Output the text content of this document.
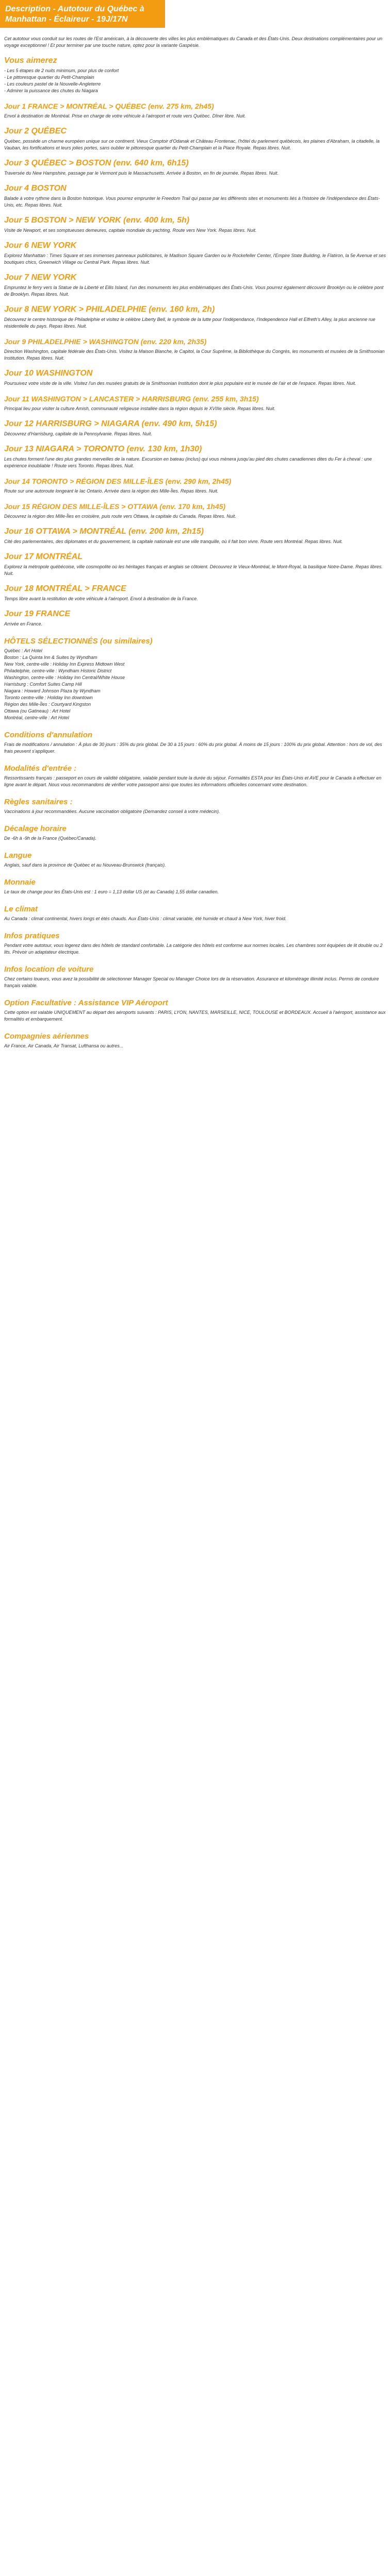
Description - Autotour du Québec à Manhattan - Éclaireur - 19J/17N

Cet autotour vous conduit sur les routes de l'Est américain, à la découverte des villes les plus emblématiques du Canada et des États-Unis. Deux destinations complémentaires pour un voyage exceptionnel ! Et pour terminer par une touche nature, optez pour la variante Gaspésie.

Vous aimerez
- Les 5 étapes de 2 nuits minimum, pour plus de confort
- Le pittoresque quartier du Petit-Champlain
- Les couleurs pastel de la Nouvelle-Angleterre
- Admirer la puissance des chutes du Niagara
Jour 1 FRANCE > MONTRÉAL > QUÉBEC (env. 275 km, 2h45)

Envol à destination de Montréal. Prise en charge de votre véhicule à l'aéroport et route vers Québec. Dîner libre. Nuit.

Jour 2 QUÉBEC

Québec, possède un charme européen unique sur ce continent. Vieux Comptoir d'Odanak et Château Frontenac, l'hôtel du parlement québécois, les plaines d'Abraham, la citadelle, la Vauban, les fortifications et leurs jolies portes, sans oublier le pittoresque quartier du Petit-Champlain et la Place Royale. Repas libres. Nuit.

Jour 3 QUÉBEC > BOSTON (env. 640 km, 6h15)

Traversée du New Hampshire, passage par le Vermont puis le Massachusetts. Arrivée à Boston, en fin de journée. Repas libres. Nuit.

Jour 4 BOSTON

Balade à votre rythme dans la Boston historique. Vous pourrez emprunter le Freedom Trail qui passe par les différents sites et monuments liés à l'histoire de l'indépendance des États-Unis, etc. Repas libres. Nuit.

Jour 5 BOSTON > NEW YORK (env. 400 km, 5h)

Visite de Newport, et ses somptueuses demeures, capitale mondiale du yachting. Route vers New York. Repas libres. Nuit.

Jour 6 NEW YORK

Explorez Manhattan : Times Square et ses immenses panneaux publicitaires, le Madison Square Garden ou le Rockefeller Center, l'Empire State Building, le Flatiron, la 5e Avenue et ses boutiques chics, Greenwich Village ou Central Park. Repas libres. Nuit.

Jour 7 NEW YORK

Empruntez le ferry vers la Statue de la Liberté et Ellis Island, l'un des monuments les plus emblématiques des États-Unis. Vous pourrez également découvrir Brooklyn ou le célèbre pont de Brooklyn. Repas libres. Nuit.

Jour 8 NEW YORK > PHILADELPHIE (env. 160 km, 2h)

Découvrez le centre historique de Philadelphie et visitez le célèbre Liberty Bell, le symbole de la lutte pour l'indépendance, l'Independence Hall et Elfreth's Alley, la plus ancienne rue résidentielle du pays. Repas libres. Nuit.

Jour 9 PHILADELPHIE > WASHINGTON (env. 220 km, 2h35)

Direction Washington, capitale fédérale des États-Unis. Visitez la Maison Blanche, le Capitol, la Cour Suprême, la Bibliothèque du Congrès, les monuments et musées de la Smithsonian Institution. Repas libres. Nuit.

Jour 10 WASHINGTON

Poursuivez votre visite de la ville. Visitez l'un des musées gratuits de la Smithsonian Institution dont le plus populaire est le musée de l'air et de l'espace. Repas libres. Nuit.

Jour 11 WASHINGTON > LANCASTER > HARRISBURG (env. 255 km, 3h15)

Principal lieu pour visiter la culture Amish, communauté religieuse installée dans la région depuis le XVIIIe siècle. Repas libres. Nuit.

Jour 12 HARRISBURG > NIAGARA (env. 490 km, 5h15)

Découvrez d'Harrisburg, capitale de la Pennsylvanie. Repas libres. Nuit.

Jour 13 NIAGARA > TORONTO (env. 130 km, 1h30)

Les chutes forment l'une des plus grandes merveilles de la nature. Excursion en bateau (inclus) qui vous mènera jusqu'au pied des chutes canadiennes dites du Fer à cheval : une expérience inoubliable ! Route vers Toronto. Repas libres. Nuit.

Jour 14 TORONTO > RÉGION DES MILLE-ÎLES (env. 290 km, 2h45)

Route sur une autoroute longeant le lac Ontario. Arrivée dans la région des Mille-Îles. Repas libres. Nuit.

Jour 15 RÉGION DES MILLE-ÎLES > OTTAWA (env. 170 km, 1h45)

Découvrez la région des Mille-Îles en croisière, puis route vers Ottawa, la capitale du Canada. Repas libres. Nuit.

Jour 16 OTTAWA > MONTRÉAL (env. 200 km, 2h15)

Cité des parlementaires, des diplomates et du gouvernement, la capitale nationale est une ville tranquille, où il fait bon vivre. Route vers Montréal. Repas libres. Nuit.

Jour 17 MONTRÉAL

Explorez la métropole québécoise, ville cosmopolite où les héritages français et anglais se côtoient. Découvrez le Vieux-Montréal, le Mont-Royal, la basilique Notre-Dame. Repas libres. Nuit.

Jour 18 MONTRÉAL > FRANCE

Temps libre avant la restitution de votre véhicule à l'aéroport. Envol à destination de la France.

Jour 19 FRANCE

Arrivée en France.

HÔTELS SÉLECTIONNÉS (ou similaires)
Québec : Art Hotel
Boston : La Quinta Inn & Suites by Wyndham
New York, centre-ville : Holiday Inn Express Midtown West
Philadelphie, centre-ville : Wyndham Historic District
Washington, centre-ville : Holiday Inn Central/White House
Harrisburg : Comfort Suites Camp Hill
Niagara : Howard Johnson Plaza by Wyndham
Toronto centre-ville : Holiday Inn downtown
Région des Mille-Îles : Courtyard Kingston
Ottawa (ou Gatineau) : Art Hotel
Montréal, centre-ville : Art Hotel
Conditions d'annulation

Frais de modifications / annulation : À plus de 30 jours : 35% du prix global. De 30 à 15 jours : 60% du prix global. À moins de 15 jours : 100% du prix global. Attention : hors de vol, des frais peuvent s'appliquer.

Modalités d'entrée :

Ressortissants français : passeport en cours de validité obligatoire, valable pendant toute la durée du séjour. Formalités ESTA pour les États-Unis et AVE pour le Canada à effectuer en ligne avant le départ. Nous vous recommandons de vérifier votre passeport ainsi que toutes les informations officielles concernant votre destination.

Règles sanitaires :

Vaccinations à jour recommandées. Aucune vaccination obligatoire (Demandez conseil à votre médecin).

Décalage horaire

De -6h à -9h de la France (Québec/Canada).

Langue

Anglais, sauf dans la province de Québec et au Nouveau-Brunswick (français).

Monnaie

Le taux de change pour les États-Unis est : 1 euro = 1,13 dollar US (et au Canada) 1,55 dollar canadien.

Le climat

Au Canada : climat continental, hivers longs et étés chauds. Aux États-Unis : climat variable, été humide et chaud à New York, hiver froid.

Infos pratiques

Pendant votre autotour, vous logerez dans des hôtels de standard confortable. La catégorie des hôtels est conforme aux normes locales. Les chambres sont équipées de lit double ou 2 lits. Prévoir un adaptateur électrique.

Infos location de voiture

Chez certains loueurs, vous avez la possibilité de sélectionner Manager Special ou Manager Choice lors de la réservation. Assurance et kilométrage illimité inclus. Permis de conduire français valable.

Option Facultative : Assistance VIP Aéroport

Cette option est valable UNIQUEMENT au départ des aéroports suivants : PARIS, LYON, NANTES, MARSEILLE, NICE, TOULOUSE et BORDEAUX. Accueil à l'aéroport, assistance aux formalités et embarquement.

Compagnies aériennes

Air France, Air Canada, Air Transat, Lufthansa ou autres...
